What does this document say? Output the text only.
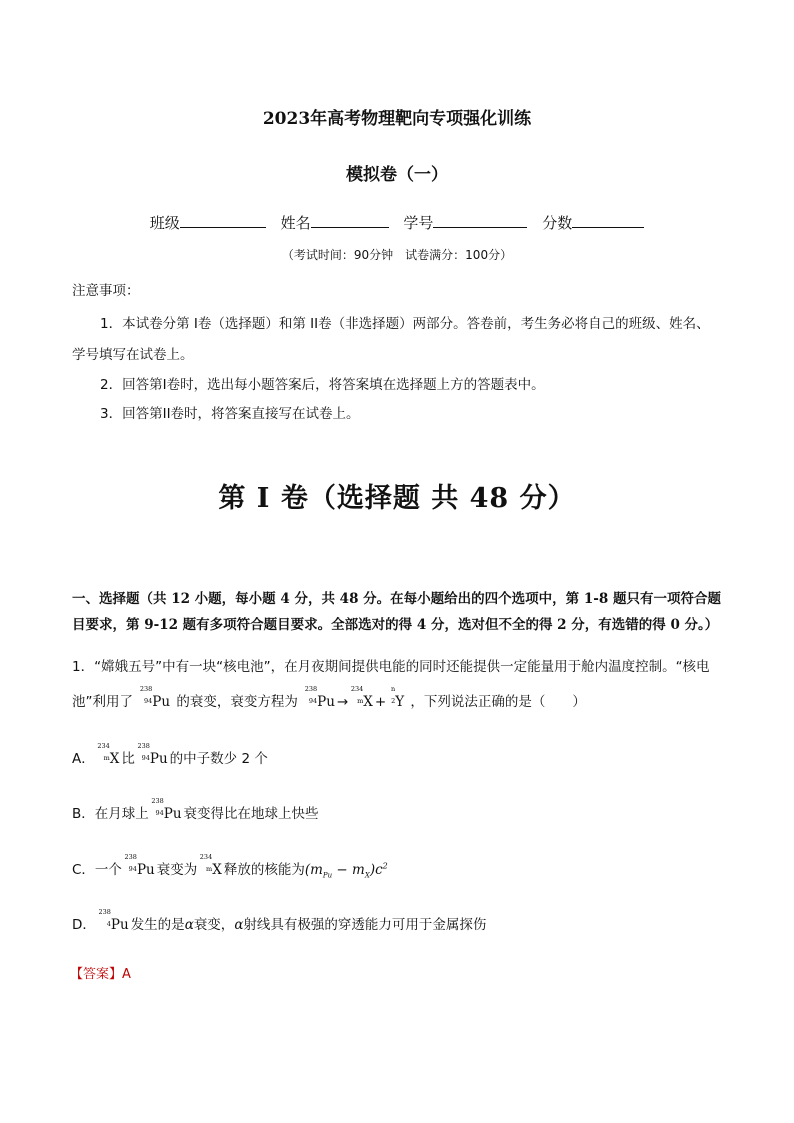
2023年高考物理靶向专项强化训练
模拟卷（一）
班级	姓名	学号	分数
（考试时间：90分钟　试卷满分：100分）
注意事项：
1．本试卷分第 I卷（选择题）和第 II卷（非选择题）两部分。答卷前，考生务必将自己的班级、姓名、
学号填写在试卷上。
2．回答第I卷时，选出每小题答案后，将答案填在选择题上方的答题表中。
3．回答第II卷时，将答案直接写在试卷上。
第 I 卷（选择题 共 48 分）
一、选择题（共 12 小题，每小题 4 分，共 48 分。在每小题给出的四个选项中，第 1-8 题只有一项符合题
目要求，第 9-12 题有多项符合题目要求。全部选对的得 4 分，选对但不全的得 2 分，有选错的得 0 分。）
1．“嫦娥五号”中有一块“核电池”，在月夜期间提供电能的同时还能提供一定能量用于舱内温度控制。“核电
池”利用了
238
94 Pu 的衰变，衰变方程为
238
94 Pu →
234
m X +
n
2 Y ，下列说法正确的是（　　）
A．
234
m X 比
238
94 Pu 的中子数少 2 个
B．在月球上
238
94 Pu 衰变得比在地球上快些
C．一个
238
94 Pu 衰变为
234
m X 释放的核能为$(m_{Pu} - m_X)c^2$
D．
238
4 Pu 发生的是α衰变，α射线具有极强的穿透能力可用于金属探伤
【答案】A
